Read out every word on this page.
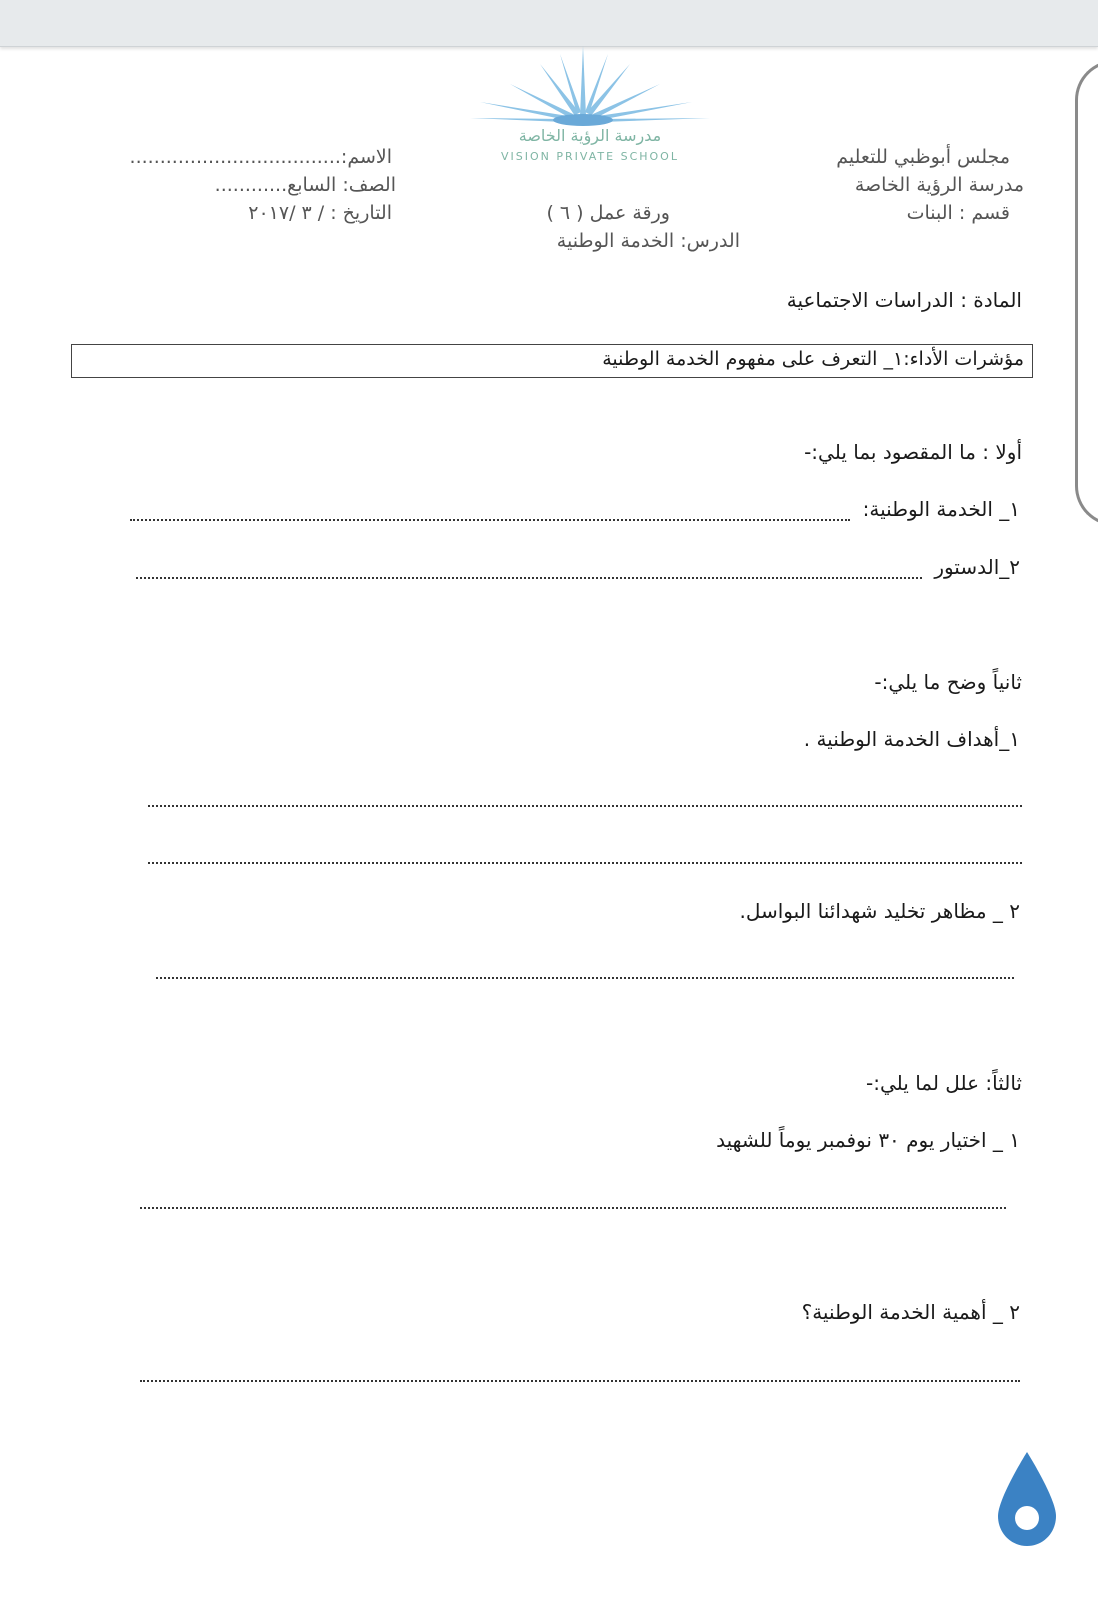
مجلس أبوظبي للتعليم
مدرسة الرؤية الخاصة
قسم : البنات
مدرسة الرؤية الخاصة
VISION PRIVATE SCHOOL
ورقة عمل ( ٦ )
الدرس: الخدمة الوطنية
الاسم:...................................
الصف: السابع............
التاريخ : / ٣ /٢٠١٧
المادة : الدراسات الاجتماعية
مؤشرات الأداء:١_ التعرف على مفهوم الخدمة الوطنية
أولا : ما المقصود بما يلي:-
١_ الخدمة الوطنية:
٢_الدستور
ثانياً وضح ما يلي:-
١_أهداف الخدمة الوطنية .
٢ _ مظاهر تخليد شهدائنا البواسل.
ثالثاً: علل لما يلي:-
١ _ اختيار يوم ٣٠ نوفمبر يوماً للشهيد
٢ _ أهمية الخدمة الوطنية؟
